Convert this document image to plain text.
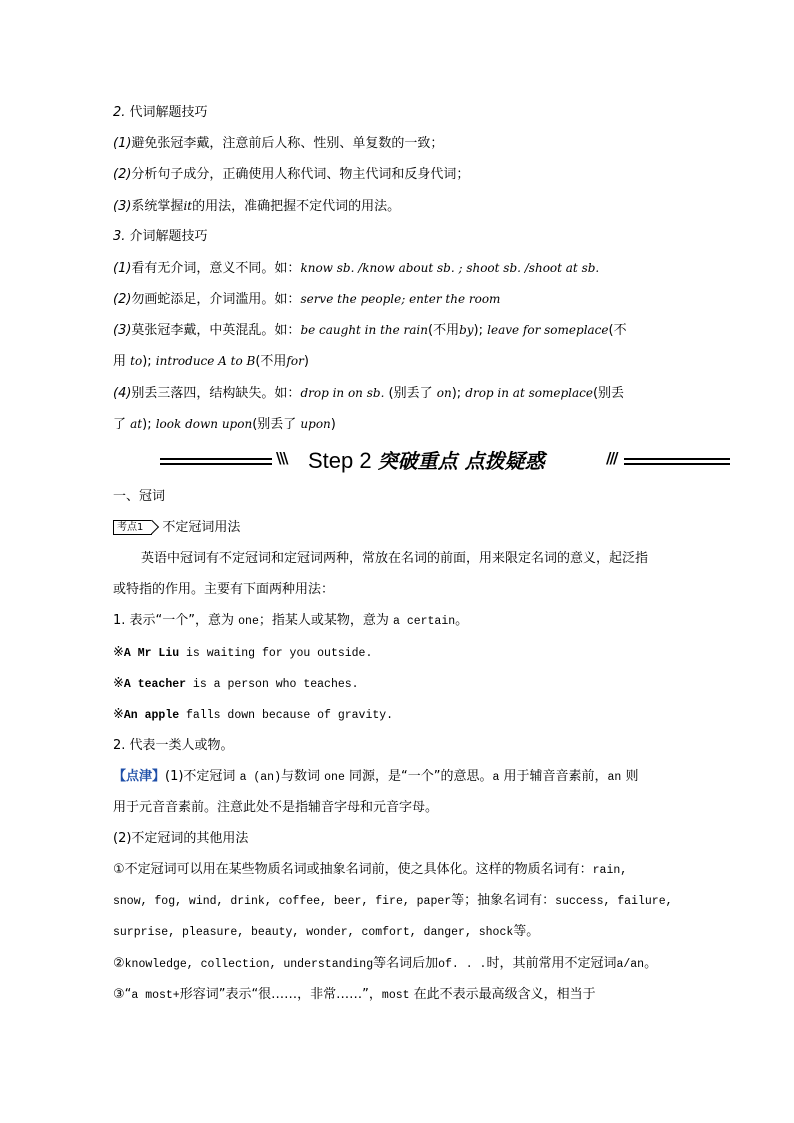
2. 代词解题技巧
(1)避免张冠李戴，注意前后人称、性别、单复数的一致；
(2)分析句子成分，正确使用人称代词、物主代词和反身代词；
(3)系统掌握it的用法，准确把握不定代词的用法。
3. 介词解题技巧
(1)看有无介词，意义不同。如：know sb. /know about sb. ; shoot sb. /shoot at sb.
(2)勿画蛇添足，介词滥用。如：serve the people; enter the room
(3)莫张冠李戴，中英混乱。如：be caught in the rain(不用by); leave for someplace(不
用 to); introduce A to B(不用for)
(4)别丢三落四，结构缺失。如：drop in on sb. (别丢了 on); drop in at someplace(别丢
了 at); look down upon(别丢了 upon)
\\\ Step 2 突破重点 点拨疑惑	///
一、冠词
考点1 不定冠词用法
英语中冠词有不定冠词和定冠词两种，常放在名词的前面，用来限定名词的意义，起泛指
或特指的作用。主要有下面两种用法：
1. 表示“一个”，意为 one；指某人或某物，意为 a certain。
※A Mr Liu is waiting for you outside.
※A teacher is a person who teaches.
※An apple falls down because of gravity.
2. 代表一类人或物。
【点津】(1)不定冠词 a (an)与数词 one 同源，是“一个”的意思。a 用于辅音音素前，an 则
用于元音音素前。注意此处不是指辅音字母和元音字母。
(2)不定冠词的其他用法
①不定冠词可以用在某些物质名词或抽象名词前，使之具体化。这样的物质名词有：rain,
snow, fog, wind, drink, coffee, beer, fire, paper等；抽象名词有：success, failure,
surprise, pleasure, beauty, wonder, comfort, danger, shock等。
②knowledge, collection, understanding等名词后加of. . .时，其前常用不定冠词a/an。
③“a most+形容词”表示“很……，非常……”，most 在此不表示最高级含义，相当于
